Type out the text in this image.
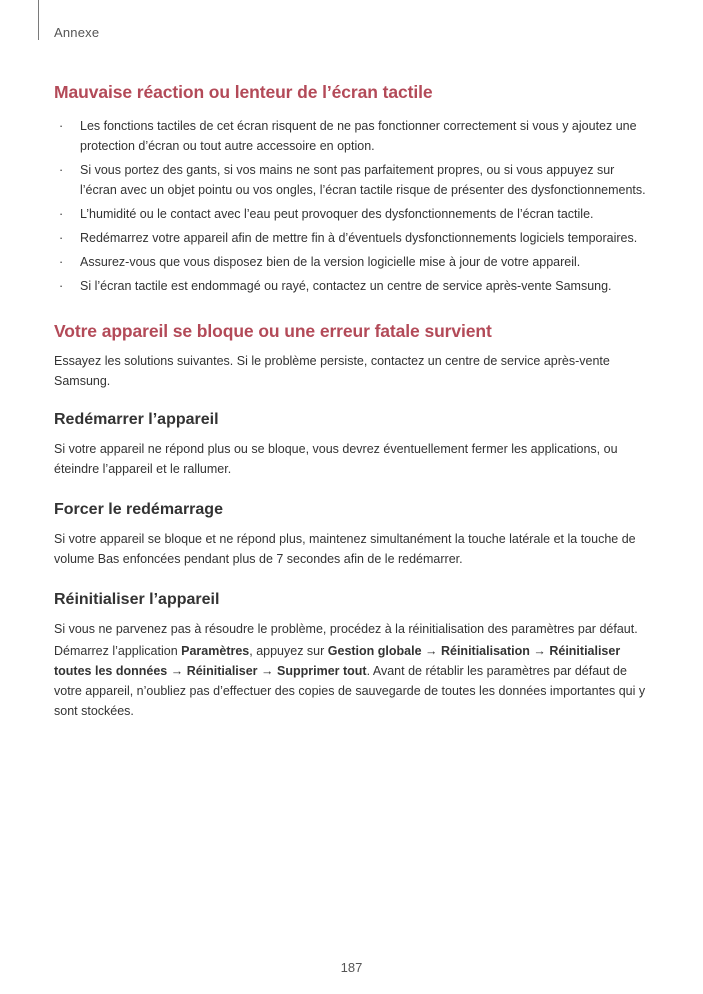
Annexe
Mauvaise réaction ou lenteur de l’écran tactile
· Les fonctions tactiles de cet écran risquent de ne pas fonctionner correctement si vous y ajoutez une protection d’écran ou tout autre accessoire en option.
· Si vous portez des gants, si vos mains ne sont pas parfaitement propres, ou si vous appuyez sur l’écran avec un objet pointu ou vos ongles, l’écran tactile risque de présenter des dysfonctionnements.
· L’humidité ou le contact avec l’eau peut provoquer des dysfonctionnements de l’écran tactile.
· Redémarrez votre appareil afin de mettre fin à d’éventuels dysfonctionnements logiciels temporaires.
· Assurez-vous que vous disposez bien de la version logicielle mise à jour de votre appareil.
· Si l’écran tactile est endommagé ou rayé, contactez un centre de service après-vente Samsung.
Votre appareil se bloque ou une erreur fatale survient

Essayez les solutions suivantes. Si le problème persiste, contactez un centre de service après-vente Samsung.

Redémarrer l’appareil

Si votre appareil ne répond plus ou se bloque, vous devrez éventuellement fermer les applications, ou éteindre l’appareil et le rallumer.

Forcer le redémarrage

Si votre appareil se bloque et ne répond plus, maintenez simultanément la touche latérale et la touche de volume Bas enfoncées pendant plus de 7 secondes afin de le redémarrer.

Réinitialiser l’appareil

Si vous ne parvenez pas à résoudre le problème, procédez à la réinitialisation des paramètres par défaut.

Démarrez l’application Paramètres, appuyez sur Gestion globale → Réinitialisation → Réinitialiser toutes les données → Réinitialiser → Supprimer tout. Avant de rétablir les paramètres par défaut de votre appareil, n’oubliez pas d’effectuer des copies de sauvegarde de toutes les données importantes qui y sont stockées.

187
